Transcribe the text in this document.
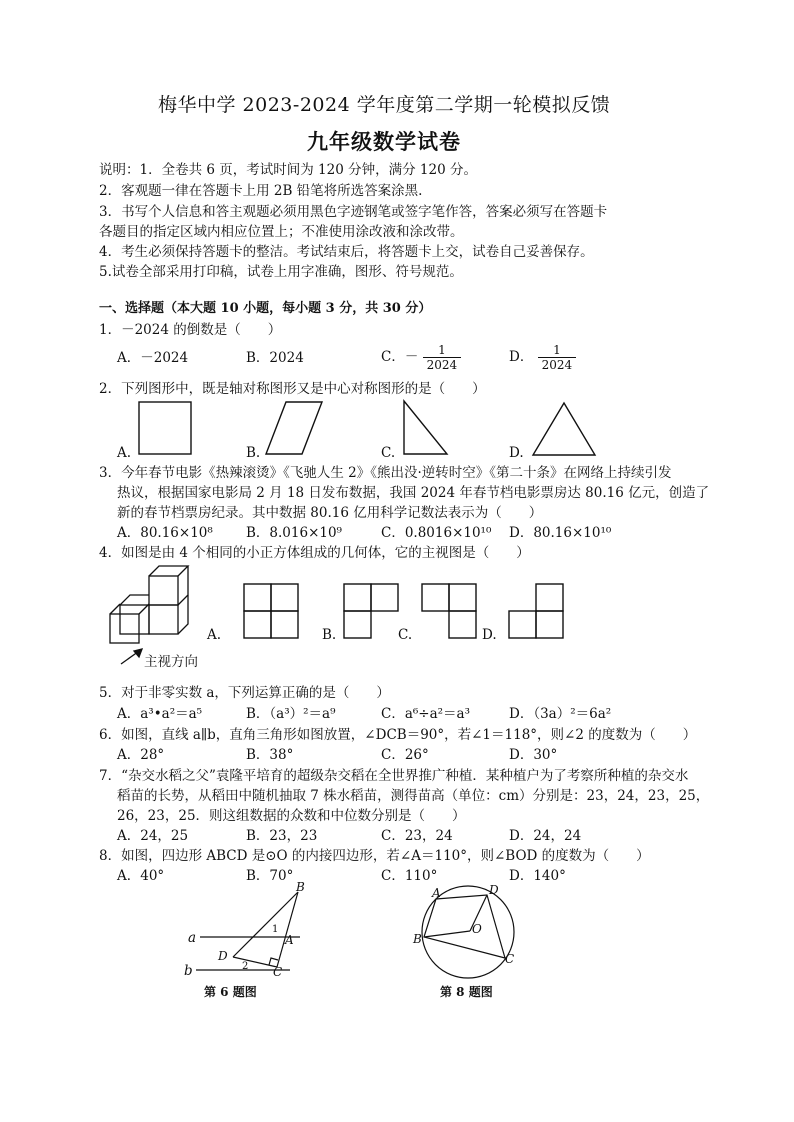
梅华中学 2023-2024 学年度第二学期一轮模拟反馈
九年级数学试卷
说明：1．全卷共 6 页，考试时间为 120 分钟，满分 120 分。
2．客观题一律在答题卡上用 2B 铅笔将所选答案涂黑.
3．书写个人信息和答主观题必须用黑色字迹钢笔或签字笔作答，答案必须写在答题卡
各题目的指定区域内相应位置上；不准使用涂改液和涂改带。
4．考生必须保持答题卡的整洁。考试结束后，将答题卡上交，试卷自己妥善保存。
5.试卷全部采用打印稿，试卷上用字准确，图形、符号规范。
一、选择题（本大题 10 小题，每小题 3 分，共 30 分）
1．－2024 的倒数是（　　）
A．－2024	B．2024	C．－ $\frac{1}{2024}$	D． $\frac{1}{2024}$
2．下列图形中，既是轴对称图形又是中心对称图形的是（　　）
A.	B.	C.	D.
3．今年春节电影《热辣滚烫》《飞驰人生 2》《熊出没·逆转时空》《第二十条》在网络上持续引发
热议，根据国家电影局 2 月 18 日发布数据，我国 2024 年春节档电影票房达 80.16 亿元，创造了
新的春节档票房纪录。其中数据 80.16 亿用科学记数法表示为（　　）
A．80.16×10⁸ B．8.016×10⁹	C．0.8016×10¹⁰ D．80.16×10¹⁰
4．如图是由 4 个相同的小正方体组成的几何体，它的主视图是（　　）
A.	B.	C.	D.
主视方向
5．对于非零实数 a，下列运算正确的是（　　）
A．a³•a²＝a⁵	B．（a³）²＝a⁹	C．a⁶÷a²＝a³	D．（3a）²＝6a²
6．如图，直线 a∥b，直角三角形如图放置，∠DCB＝90°，若∠1＝118°，则∠2 的度数为（　　）
A．28°	B．38°	C．26°	D．30°
7．“杂交水稻之父”袁隆平培育的超级杂交稻在全世界推广种植．某种植户为了考察所种植的杂交水
稻苗的长势，从稻田中随机抽取 7 株水稻苗，测得苗高（单位：cm）分别是：23，24，23，25，
26，23，25．则这组数据的众数和中位数分别是（　　）
A．24，25	B．23，23	C．23，24	D．24，24
8．如图，四边形 ABCD 是⊙O 的内接四边形，若∠A＝110°，则∠BOD 的度数为（　　）
A．40°	B．70°	C．110°	D．140°
a
b
B
A
D
C
1
2
第 6 题图
A	D
B
O
C
第 8 题图
